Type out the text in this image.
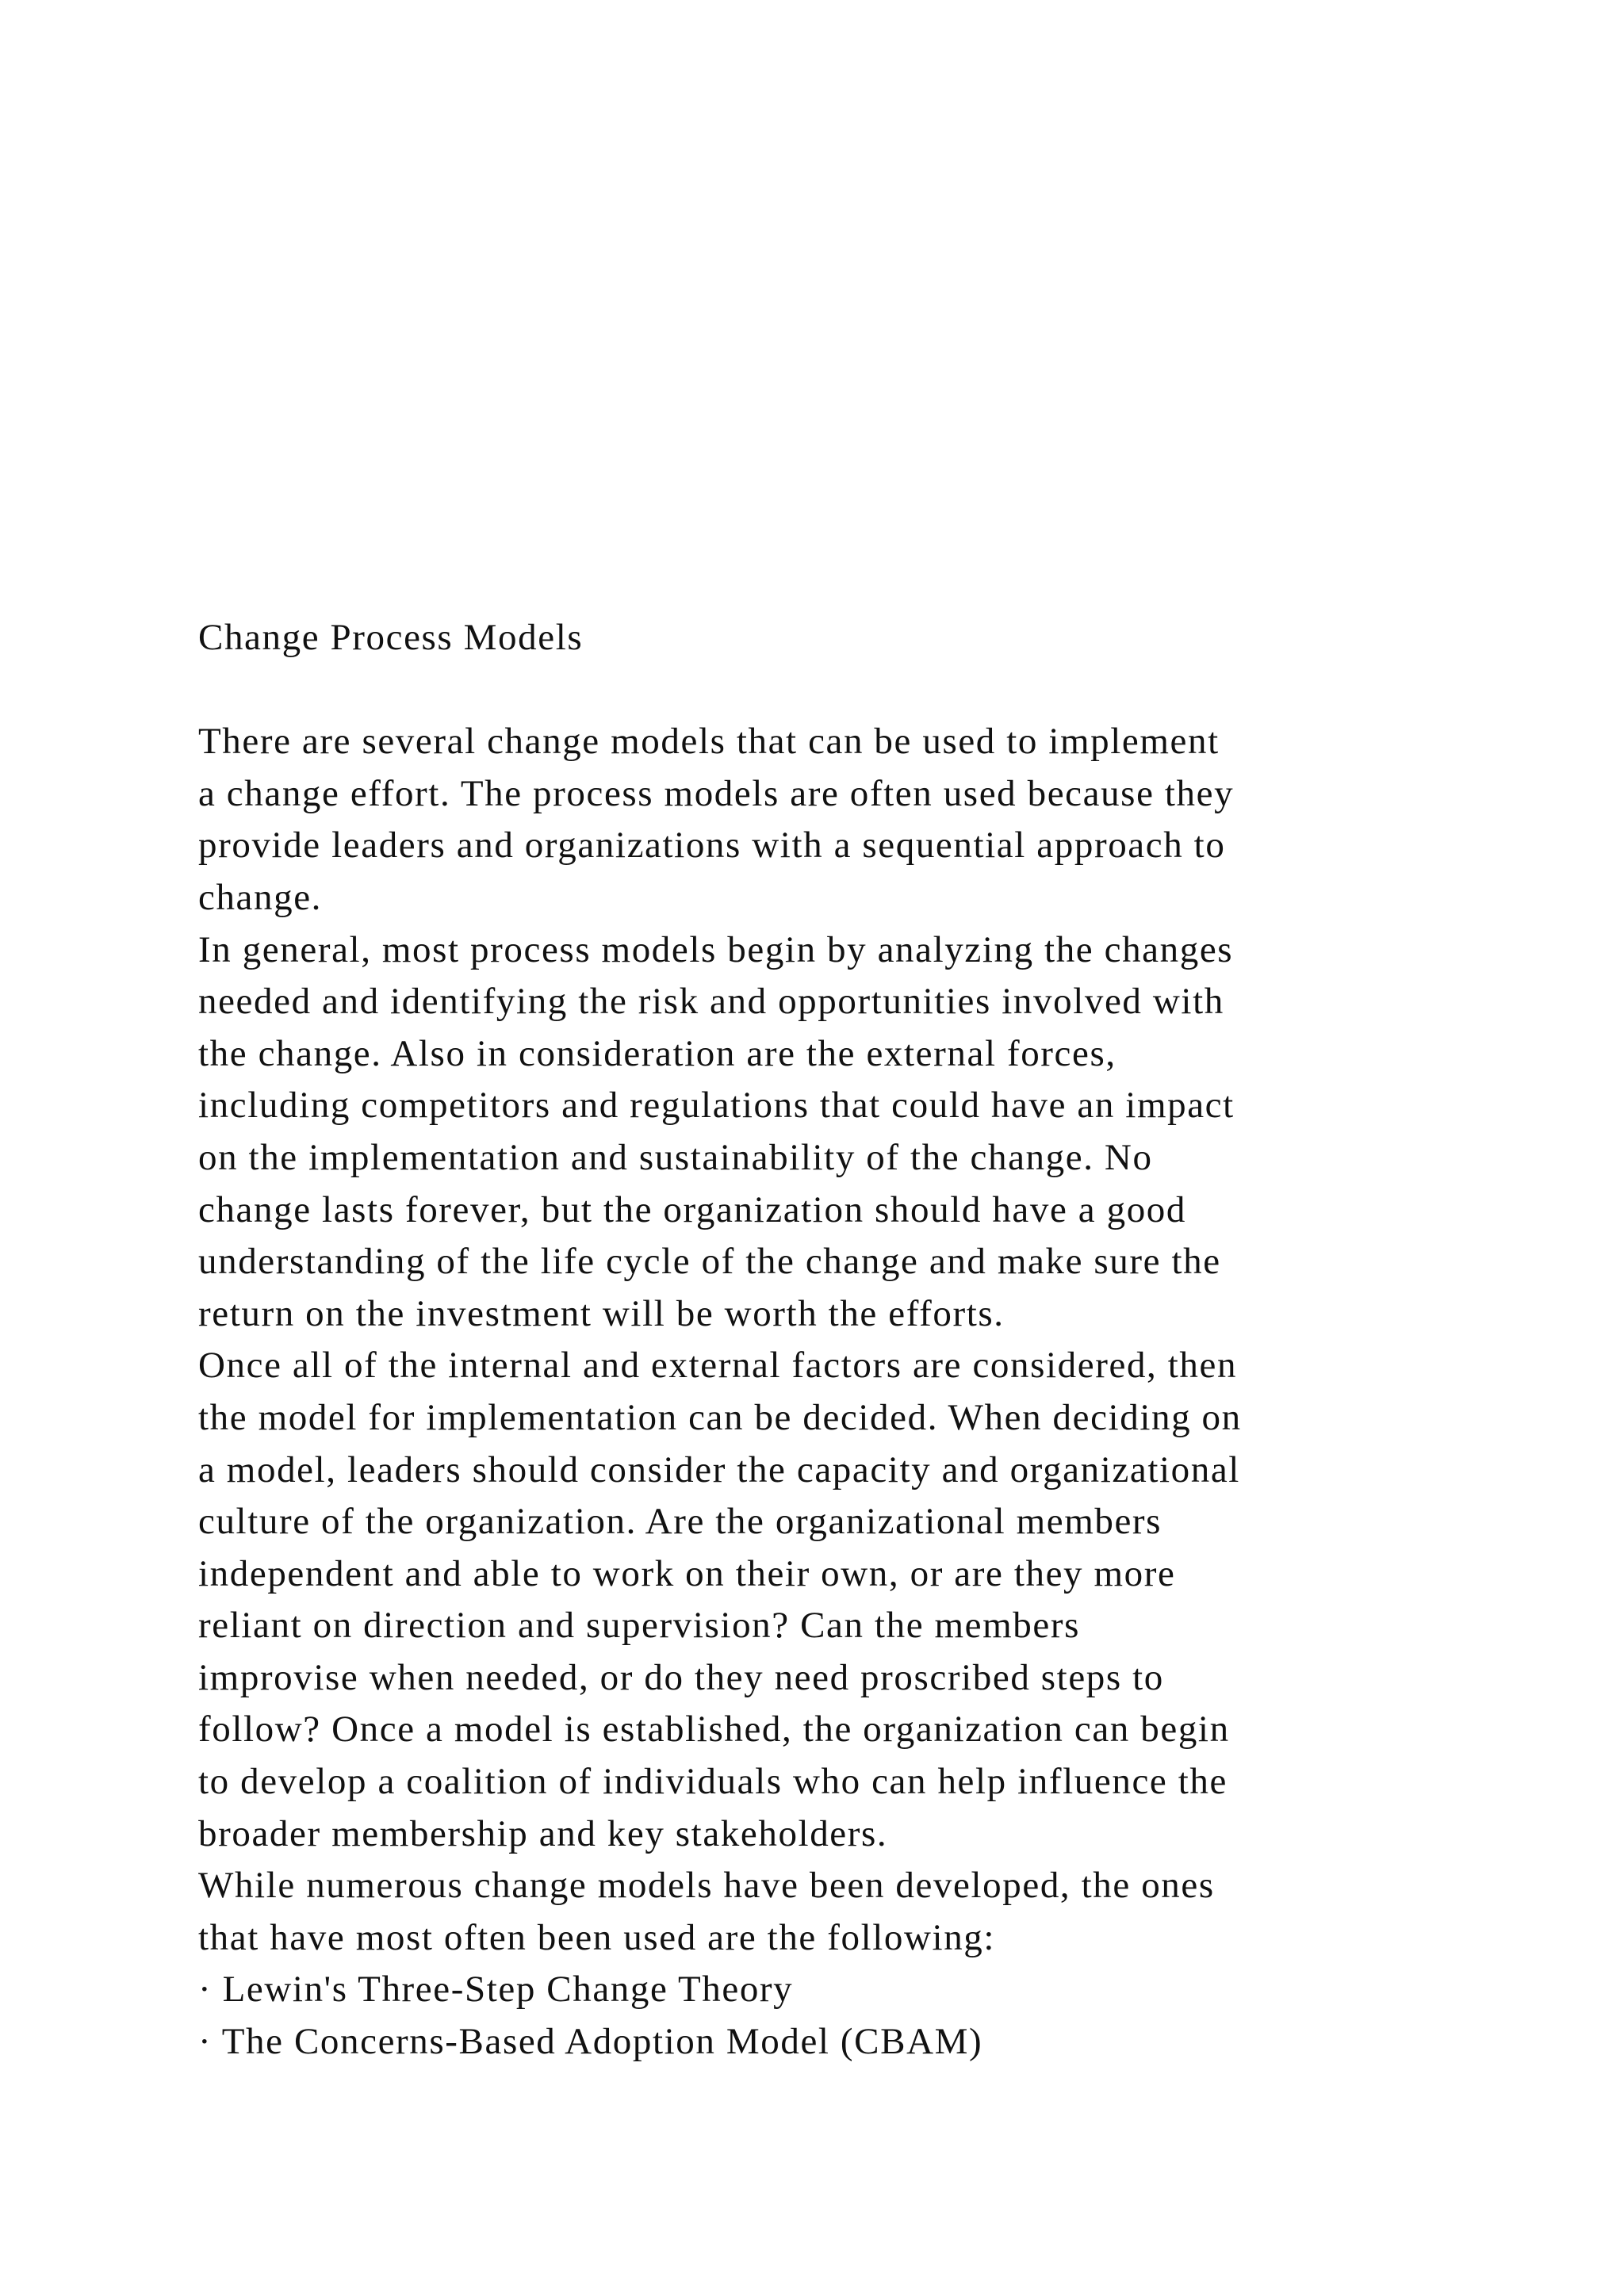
Change Process Models
There are several change models that can be used to implement
a change effort. The process models are often used because they
provide leaders and organizations with a sequential approach to
change.
In general, most process models begin by analyzing the changes
needed and identifying the risk and opportunities involved with
the change. Also in consideration are the external forces,
including competitors and regulations that could have an impact
on the implementation and sustainability of the change. No
change lasts forever, but the organization should have a good
understanding of the life cycle of the change and make sure the
return on the investment will be worth the efforts.
Once all of the internal and external factors are considered, then
the model for implementation can be decided. When deciding on
a model, leaders should consider the capacity and organizational
culture of the organization. Are the organizational members
independent and able to work on their own, or are they more
reliant on direction and supervision? Can the members
improvise when needed, or do they need proscribed steps to
follow? Once a model is established, the organization can begin
to develop a coalition of individuals who can help influence the
broader membership and key stakeholders.
While numerous change models have been developed, the ones
that have most often been used are the following:
· Lewin's Three-Step Change Theory
· The Concerns-Based Adoption Model (CBAM)
